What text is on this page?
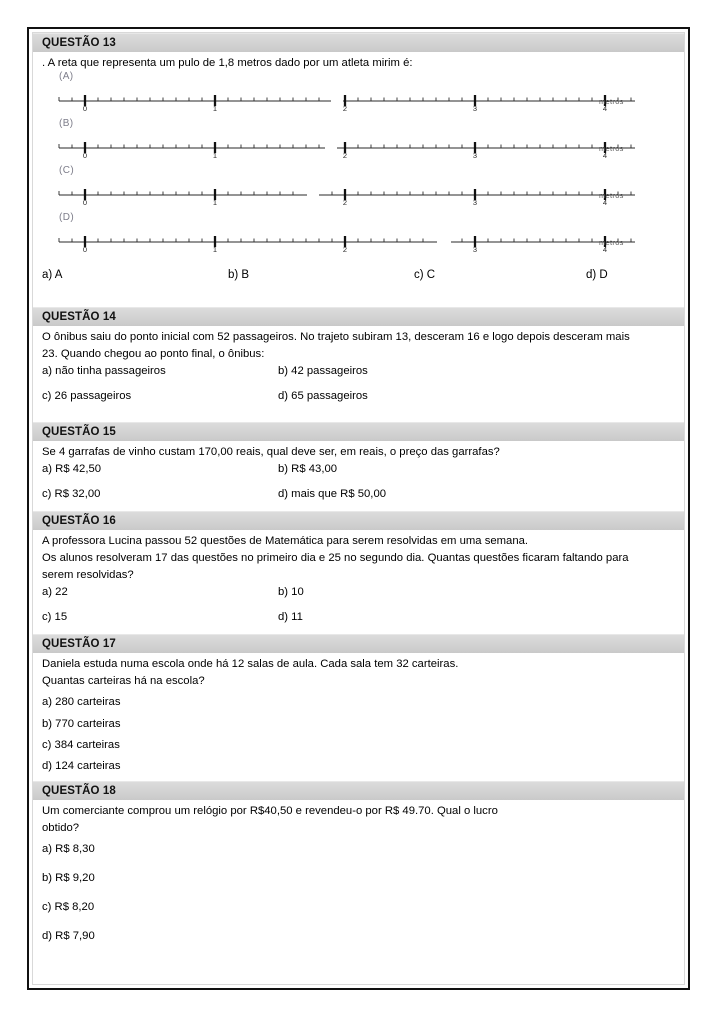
QUESTÃO 13

. A reta que representa um pulo de 1,8 metros dado por um atleta mirim é:

(A)
0	1	2	3	4
metros
(B)
0	1	2	3	4
metros
(C)
0	1	2	3	4
metros
(D)
0	1	2	3	4
metros
a) A	b) B	c) C	d) D
QUESTÃO 14

O ônibus saiu do ponto inicial com 52 passageiros. No trajeto subiram 13, desceram 16 e logo depois desceram mais

23. Quando chegou ao ponto final, o ônibus:

a) não tinha passageiros	b) 42 passageiros
c) 26 passageiros	d) 65 passageiros
QUESTÃO 15

Se 4 garrafas de vinho custam 170,00 reais, qual deve ser, em reais, o preço das garrafas?

a) R$ 42,50	b) R$ 43,00
c) R$ 32,00	d) mais que R$ 50,00
QUESTÃO 16

A professora Lucina passou 52 questões de Matemática para serem resolvidas em uma semana.

Os alunos resolveram 17 das questões no primeiro dia e 25 no segundo dia. Quantas questões ficaram faltando para

serem resolvidas?

a) 22	b) 10
c) 15	d) 11
QUESTÃO 17

Daniela estuda numa escola onde há 12 salas de aula. Cada sala tem 32 carteiras.

Quantas carteiras há na escola?

a) 280 carteiras
b) 770 carteiras
c) 384 carteiras
d) 124 carteiras
QUESTÃO 18

Um comerciante comprou um relógio por R$40,50 e revendeu-o por R$ 49.70. Qual o lucro

obtido?

a) R$ 8,30
b) R$ 9,20
c) R$ 8,20
d) R$ 7,90
